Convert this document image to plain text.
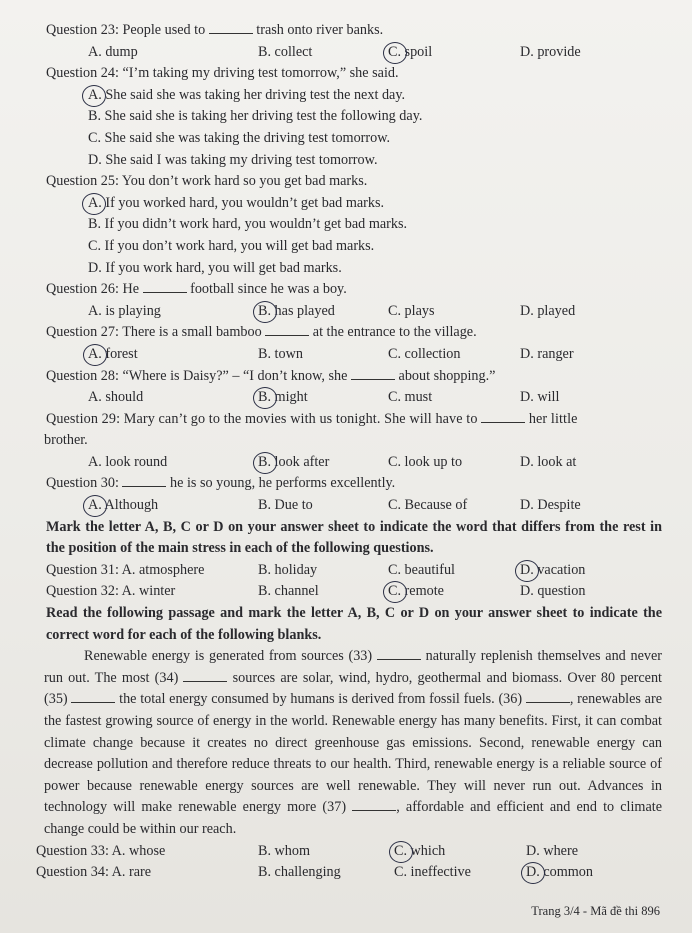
Question 23: People used to	trash onto river banks.
A. dump	B. collect	C. spoil	D. provide
Question 24: “I’m taking my driving test tomorrow,” she said.
A. She said she was taking her driving test the next day.
B. She said she is taking her driving test the following day.
C. She said she was taking the driving test tomorrow.
D. She said I was taking my driving test tomorrow.
Question 25: You don’t work hard so you get bad marks.
A. If you worked hard, you wouldn’t get bad marks.
B. If you didn’t work hard, you wouldn’t get bad marks.
C. If you don’t work hard, you will get bad marks.
D. If you work hard, you will get bad marks.
Question 26: He	football since he was a boy.
A. is playing	B. has played	C. plays	D. played
Question 27: There is a small bamboo	at the entrance to the village.
A. forest	B. town	C. collection	D. ranger
Question 28: “Where is Daisy?” – “I don’t know, she	about shopping.”
A. should	B. might	C. must	D. will
Question 29: Mary can’t go to the movies with us tonight. She will have to	her little
brother.
A. look round	B. look after	C. look up to	D. look at
Question 30:	he is so young, he performs excellently.
A. Although	B. Due to	C. Because of	D. Despite
Mark the letter A, B, C or D on your answer sheet to indicate the word that differs from the rest in the position of the main stress in each of the following questions.
Question 31: A. atmosphere	B. holiday	C. beautiful	D. vacation
Question 32: A. winter	B. channel	C. remote	D. question
Read the following passage and mark the letter A, B, C or D on your answer sheet to indicate the correct word for each of the following blanks.
Renewable energy is generated from sources (33)	naturally replenish themselves and never run out. The most (34)	sources are solar, wind, hydro, geothermal and biomass. Over 80 percent (35)	the total energy consumed by humans is derived from fossil fuels. (36)	, renewables are the fastest growing source of energy in the world. Renewable energy has many benefits. First, it can combat climate change because it creates no direct greenhouse gas emissions. Second, renewable energy can decrease pollution and therefore reduce threats to our health. Third, renewable energy is a reliable source of power because renewable energy sources are well renewable. They will never run out. Advances in technology will make renewable energy more (37)	, affordable and efficient and end to climate change could be within our reach.
Question 33: A. whose	B. whom	C. which	D. where
Question 34: A. rare	B. challenging	C. ineffective	D. common
Trang 3/4 - Mã đề thi 896
